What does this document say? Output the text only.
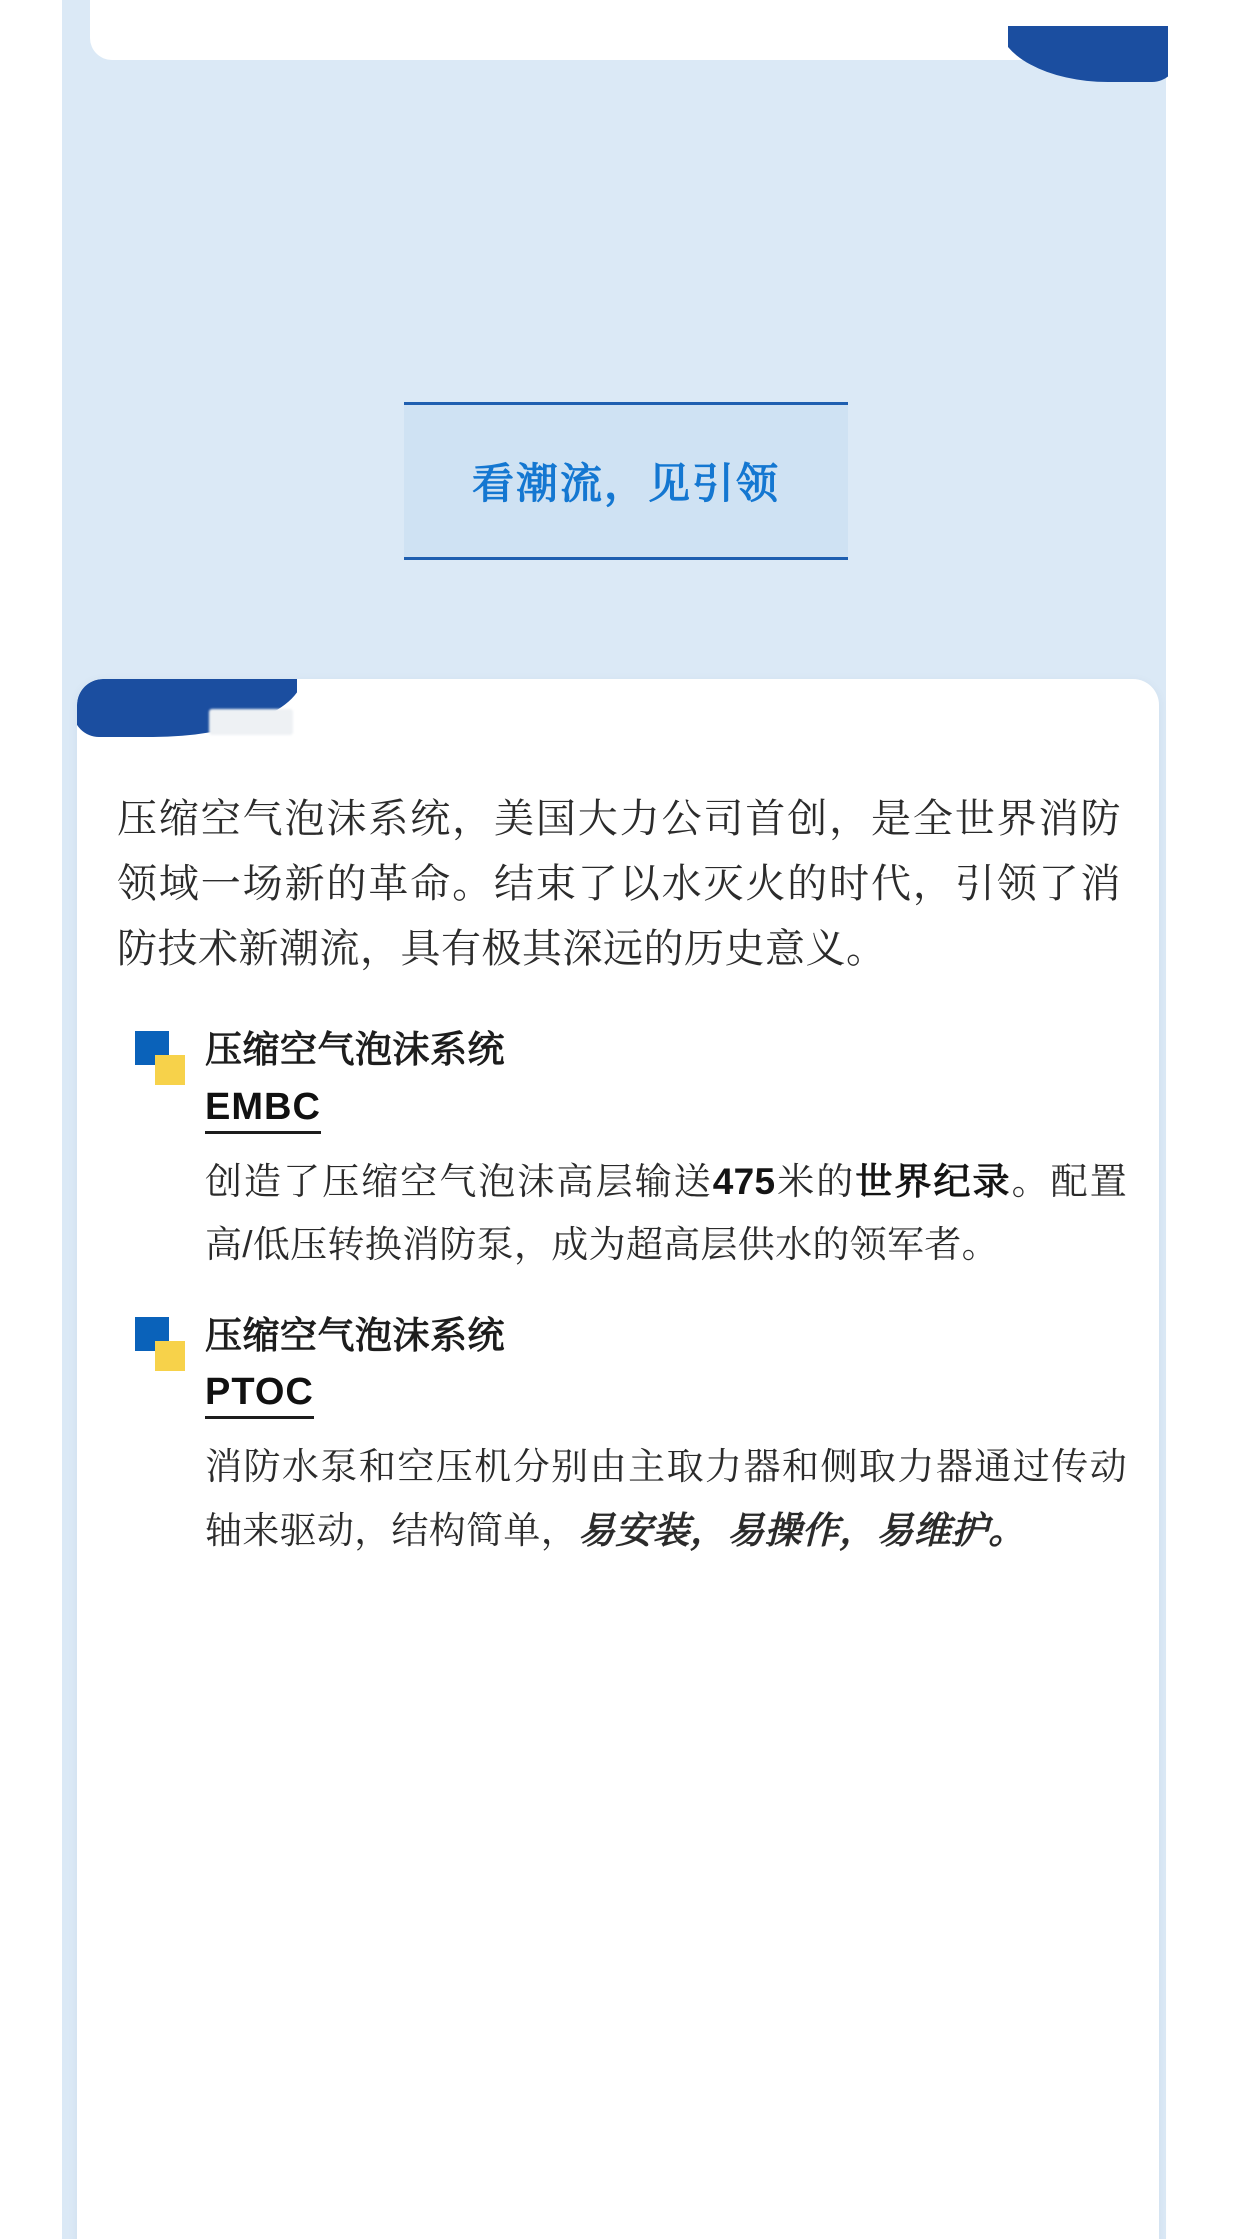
看潮流，见引领

压缩空气泡沫系统，美国大力公司首创，是全世界消防领域一场新的革命。结束了以水灭火的时代，引领了消防技术新潮流，具有极其深远的历史意义。

压缩空气泡沫系统
EMBC
创造了压缩空气泡沫高层输送475米的世界纪录。配置高/低压转换消防泵，成为超高层供水的领军者。
压缩空气泡沫系统
PTOC
消防水泵和空压机分别由主取力器和侧取力器通过传动轴来驱动，结构简单，易安装，易操作，易维护。
